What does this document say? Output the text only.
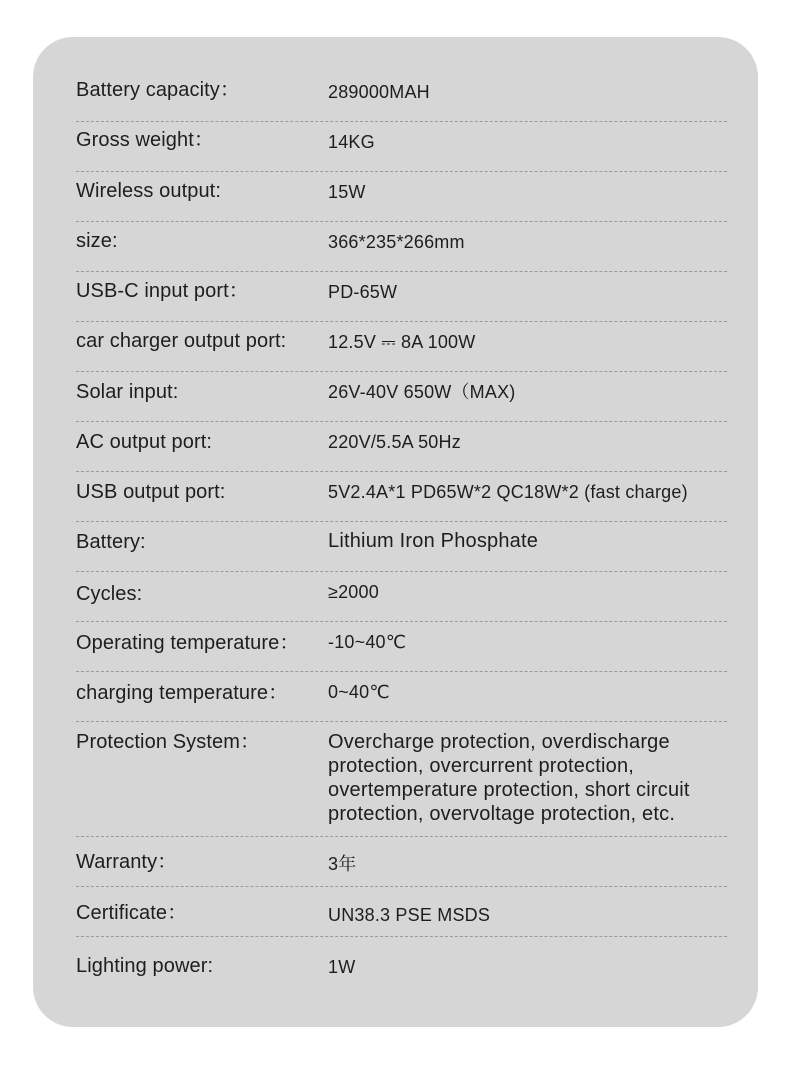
Battery capacity：	289000MAH
Gross weight：	14KG
Wireless output:	15W
size:	366*235*266mm
USB-C input port：	PD-65W
car charger output port: 12.5V ⎓ 8A 100W
Solar input:	26V-40V 650W（MAX)
AC output port:	220V/5.5A 50Hz
USB output port:	5V2.4A*1 PD65W*2 QC18W*2 (fast charge)
Battery:	Lithium Iron Phosphate
Cycles:	≥2000
Operating temperature： -10~40℃
charging temperature： 0~40℃
Protection System：	Overcharge protection, overdischarge protection, overcurrent protection, overtemperature protection, short circuit protection, overvoltage protection, etc.
Warranty：	3年
Certificate：	UN38.3 PSE MSDS
Lighting power:	1W
